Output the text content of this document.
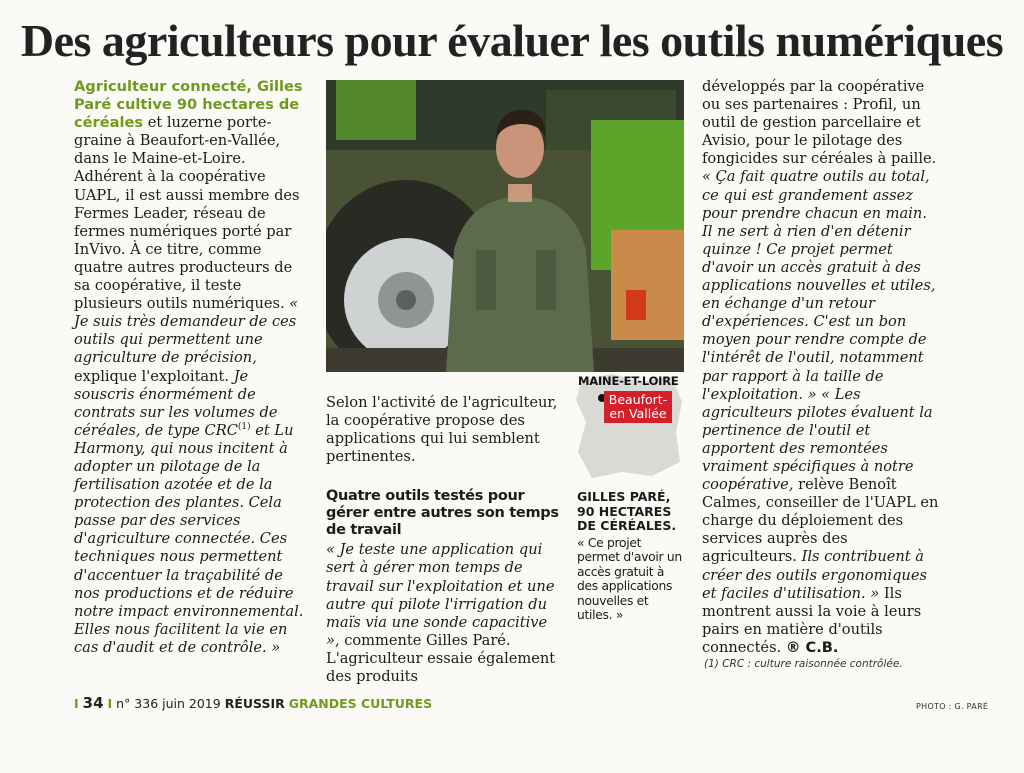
Des agriculteurs pour évaluer les outils numériques

Agriculteur connecté, Gilles Paré cultive 90 hectares de céréales et luzerne porte-graine à Beaufort-en-Vallée, dans le Maine-et-Loire. Adhérent à la coopérative UAPL, il est aussi membre des Fermes Leader, réseau de fermes numériques porté par InVivo. À ce titre, comme quatre autres producteurs de sa coopérative, il teste plusieurs outils numériques. « Je suis très demandeur de ces outils qui permettent une agriculture de précision, explique l'exploitant. Je souscris énormément de contrats sur les volumes de céréales, de type CRC$^{(1)}$ et Lu Harmony, qui nous incitent à adopter un pilotage de la fertilisation azotée et de la protection des plantes. Cela passe par des services d'agriculture connectée. Ces techniques nous permettent d'accentuer la traçabilité de nos productions et de réduire notre impact environnemental. Elles nous facilitent la vie en cas d'audit et de contrôle. »

MAINE-ET-LOIRE
Beaufort-en Vallée

Selon l'activité de l'agriculteur, la coopérative propose des applications qui lui semblent pertinentes.

Quatre outils testés pour gérer entre autres son temps de travail

« Je teste une application qui sert à gérer mon temps de travail sur l'exploitation et une autre qui pilote l'irrigation du maïs via une sonde capacitive », commente Gilles Paré. L'agriculteur essaie également des produits

GILLES PARÉ, 90 HECTARES DE CÉRÉALES.
« Ce projet permet d'avoir un accès gratuit à des applications nouvelles et utiles. »

développés par la coopérative ou ses partenaires : Profil, un outil de gestion parcellaire et Avisio, pour le pilotage des fongicides sur céréales à paille. « Ça fait quatre outils au total, ce qui est grandement assez pour prendre chacun en main. Il ne sert à rien d'en détenir quinze ! Ce projet permet d'avoir un accès gratuit à des applications nouvelles et utiles, en échange d'un retour d'expériences. C'est un bon moyen pour rendre compte de l'intérêt de l'outil, notamment par rapport à la taille de l'exploitation. » « Les agriculteurs pilotes évaluent la pertinence de l'outil et apportent des remontées vraiment spécifiques à notre coopérative, relève Benoît Calmes, conseiller de l'UAPL en charge du déploiement des services auprès des agriculteurs. Ils contribuent à créer des outils ergonomiques et faciles d'utilisation. » Ils montrent aussi la voie à leurs pairs en matière d'outils connectés. ® C.B.

(1) CRC : culture raisonnée contrôlée.
I 34 I n° 336 juin 2019 RÉUSSIR GRANDES CULTURES	PHOTO : G. PARÉ
